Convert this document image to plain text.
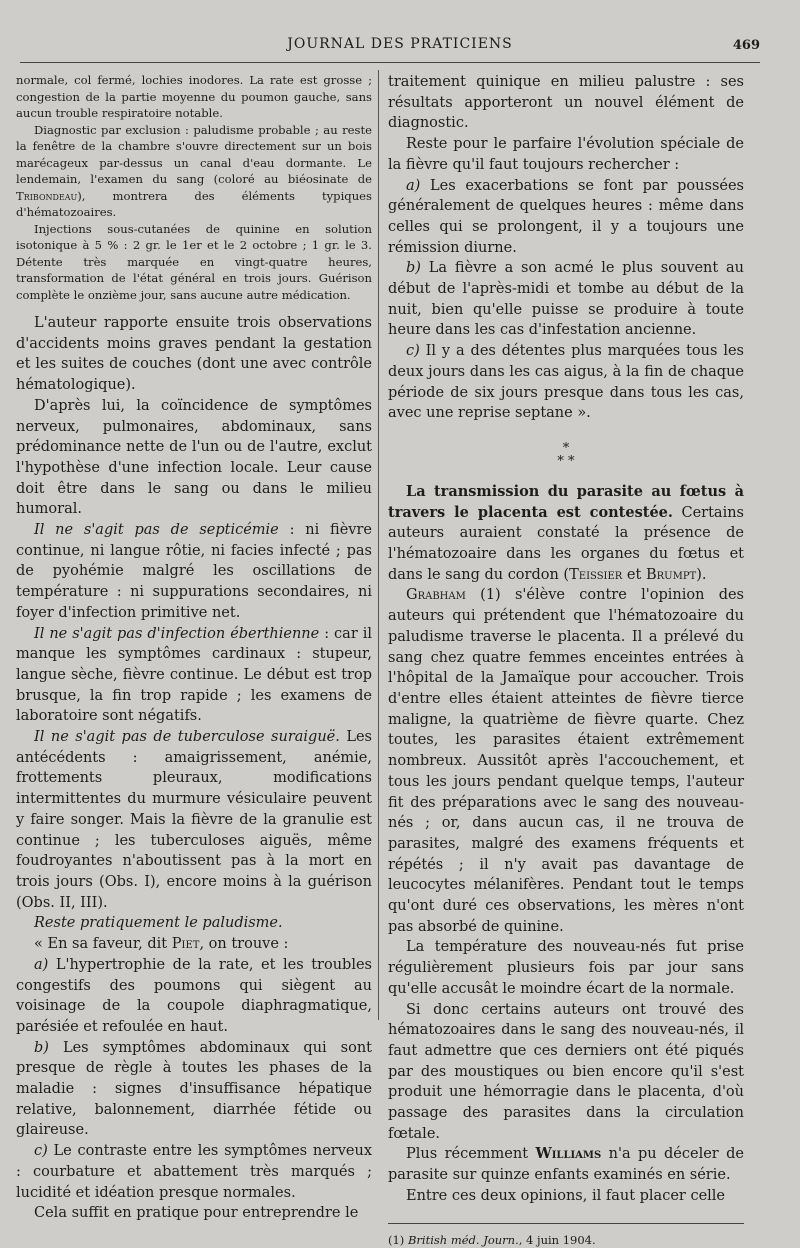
JOURNAL DES PRATICIENS	469

normale, col fermé, lochies inodores. La rate est grosse ; congestion de la partie moyenne du poumon gauche, sans aucun trouble respiratoire notable.

Diagnostic par exclusion : paludisme probable ; au reste la fenêtre de la chambre s'ouvre directement sur un bois marécageux par-dessus un canal d'eau dormante. Le lendemain, l'examen du sang (coloré au biéosinate de Tribondeau), montrera des éléments typiques d'hématozoaires.

Injections sous-cutanées de quinine en solution isotonique à 5 % : 2 gr. le 1er et le 2 octobre ; 1 gr. le 3. Détente très marquée en vingt-quatre heures, transformation de l'état général en trois jours. Guérison complète le onzième jour, sans aucune autre médication.

L'auteur rapporte ensuite trois observations d'accidents moins graves pendant la gestation et les suites de couches (dont une avec contrôle hématologique).

D'après lui, la coïncidence de symptômes nerveux, pulmonaires, abdominaux, sans prédominance nette de l'un ou de l'autre, exclut l'hypothèse d'une infection locale. Leur cause doit être dans le sang ou dans le milieu humoral.

Il ne s'agit pas de septicémie : ni fièvre continue, ni langue rôtie, ni facies infecté ; pas de pyohémie malgré les oscillations de température : ni suppurations secondaires, ni foyer d'infection primitive net.

Il ne s'agit pas d'infection éberthienne : car il manque les symptômes cardinaux : stupeur, langue sèche, fièvre continue. Le début est trop brusque, la fin trop rapide ; les examens de laboratoire sont négatifs.

Il ne s'agit pas de tuberculose suraiguë. Les antécédents : amaigrissement, anémie, frottements pleuraux, modifications intermittentes du murmure vésiculaire peuvent y faire songer. Mais la fièvre de la granulie est continue ; les tuberculoses aiguës, même foudroyantes n'aboutissent pas à la mort en trois jours (Obs. I), encore moins à la guérison (Obs. II, III).

Reste pratiquement le paludisme.

« En sa faveur, dit Piet, on trouve :

a) L'hypertrophie de la rate, et les troubles congestifs des poumons qui siègent au voisinage de la coupole diaphragmatique, parésiée et refoulée en haut.

b) Les symptômes abdominaux qui sont presque de règle à toutes les phases de la maladie : signes d'insuffisance hépatique relative, balonnement, diarrhée fétide ou glaireuse.

c) Le contraste entre les symptômes nerveux : courbature et abattement très marqués ; lucidité et idéation presque normales.

Cela suffit en pratique pour entreprendre le

traitement quinique en milieu palustre : ses résultats apporteront un nouvel élément de diagnostic.

Reste pour le parfaire l'évolution spéciale de la fièvre qu'il faut toujours rechercher :

a) Les exacerbations se font par poussées généralement de quelques heures : même dans celles qui se prolongent, il y a toujours une rémission diurne.

b) La fièvre a son acmé le plus souvent au début de l'après-midi et tombe au début de la nuit, bien qu'elle puisse se produire à toute heure dans les cas d'infestation ancienne.

c) Il y a des détentes plus marquées tous les deux jours dans les cas aigus, à la fin de chaque période de six jours presque dans tous les cas, avec une reprise septane ».

*
* *

La transmission du parasite au fœtus à travers le placenta est contestée. Certains auteurs auraient constaté la présence de l'hématozoaire dans les organes du fœtus et dans le sang du cordon (Teissier et Brumpt).

Grabham (1) s'élève contre l'opinion des auteurs qui prétendent que l'hématozoaire du paludisme traverse le placenta. Il a prélevé du sang chez quatre femmes enceintes entrées à l'hôpital de la Jamaïque pour accoucher. Trois d'entre elles étaient atteintes de fièvre tierce maligne, la quatrième de fièvre quarte. Chez toutes, les parasites étaient extrêmement nombreux. Aussitôt après l'accouchement, et tous les jours pendant quelque temps, l'auteur fit des préparations avec le sang des nouveau-nés ; or, dans aucun cas, il ne trouva de parasites, malgré des examens fréquents et répétés ; il n'y avait pas davantage de leucocytes mélanifères. Pendant tout le temps qu'ont duré ces observations, les mères n'ont pas absorbé de quinine.

La température des nouveau-nés fut prise régulièrement plusieurs fois par jour sans qu'elle accusât le moindre écart de la normale.

Si donc certains auteurs ont trouvé des hématozoaires dans le sang des nouveau-nés, il faut admettre que ces derniers ont été piqués par des moustiques ou bien encore qu'il s'est produit une hémorragie dans le placenta, d'où passage des parasites dans la circulation fœtale.

Plus récemment Williams n'a pu déceler de parasite sur quinze enfants examinés en série.

Entre ces deux opinions, il faut placer celle

(1) British méd. Journ., 4 juin 1904.
